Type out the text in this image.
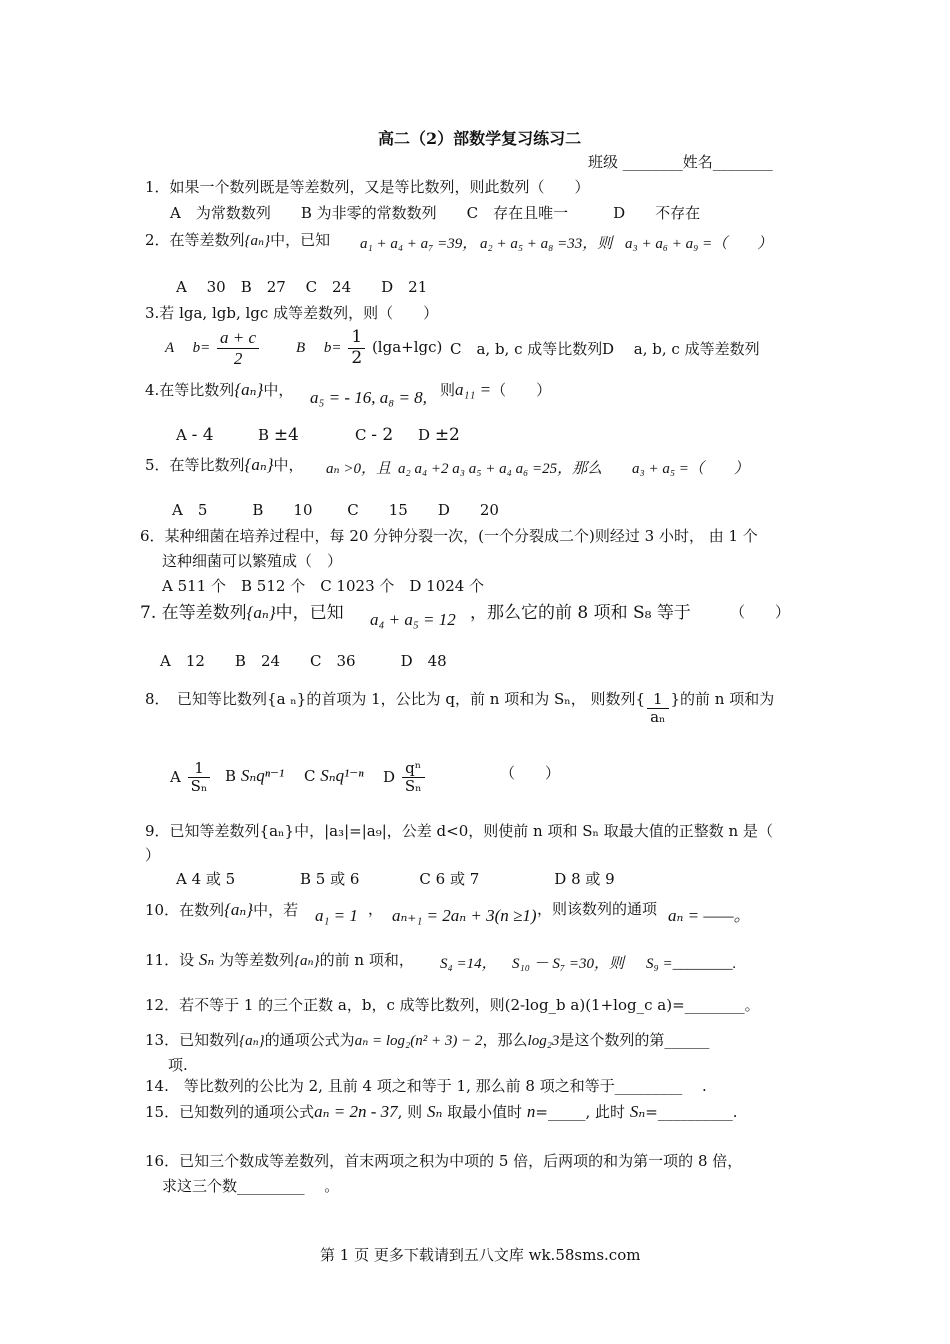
高二（2）部数学复习练习二
班级 ________姓名________
1．如果一个数列既是等差数列，又是等比数列，则此数列（　　）
A　为常数数列　　B 为非零的常数数列　　C　存在且唯一　　　D　　不存在
2．在等差数列{aₙ}中，已知 a₁ + a₄ + a₇ =39， a₂ + a₅ + a₈ =33，则 a₃ + a₆ + a₉ =（　　）
A　 30　B　27　 C　24　　D　21
3.若 lga, lgb, lgc 成等差数列，则（　　）
A　 $b= \frac{a + c}{2}$ B　 $b= \frac{1}{2} (\lg a+\lg c)$ C　a, b, c 成等比数列 D　 a, b, c 成等差数列
4.在等比数列{aₙ}中， a₅ = - 16, a₈ = 8, 则a₁₁ =（　　）
A - 4	B ±4	C - 2 D ±2
5．在等比数列{aₙ}中， aₙ >0，且 a₂ a₄ +2 a₃ a₅ + a₄ a₆ =25，那么 a₃ + a₅ =（　　）
A　5　　　B　　10　　 C　　15　　D　　20
6．某种细菌在培养过程中，每 20 分钟分裂一次，(一个分裂成二个)则经过 3 小时， 由 1 个
这种细菌可以繁殖成（　）
A 511 个　B 512 个　C 1023 个　D 1024 个
7. 在等差数列{aₙ}中，已知 a₄ + a₅ = 12 ，那么它的前 8 项和 S₈ 等于	（　　）
A　12　　B　24　　C　36　　　D　48
8．　已知等比数列{a ₙ}的首项为 1，公比为 q，前 n 项和为 Sₙ， 则数列{ $\frac{1}{\text{aₙ}}$ }的前 n 项和为
A $\frac{1}{\text{Sₙ}}$ B Sₙqⁿ⁻¹ C Sₙq¹⁻ⁿ D $\frac{\text{qⁿ}}{\text{Sₙ}}$	（　　）
9．已知等差数列{aₙ}中，|a₃|=|a₉|，公差 d<0，则使前 n 项和 Sₙ 取最大值的正整数 n 是（
）
A 4 或 5　　　　 B 5 或 6　　　　C 6 或 7　　　　　D 8 或 9
10．在数列{aₙ}中，若 a₁ = 1 ， aₙ₊₁ = 2aₙ + 3(n ≥1) ，则该数列的通项 aₙ = ——。
11．设 Sₙ 为等差数列{aₙ}的前 n 项和， S₄ =14， S₁₀ － S₇ =30，则 S₉ =________.
12．若不等于 1 的三个正数 a，b，c 成等比数列，则(2-log_b a)(1+log_c a)=________。
13．已知数列{aₙ}的通项公式为aₙ = log₂(n² + 3) − 2，那么log₂3是这个数列的第______
项.
14.　等比数列的公比为 2, 且前 4 项之和等于 1, 那么前 8 项之和等于_________　 .
15．已知数列的通项公式aₙ = 2n - 37, 则 Sₙ 取最小值时 n=_____, 此时 Sₙ=__________.
16．已知三个数成等差数列，首末两项之积为中项的 5 倍，后两项的和为第一项的 8 倍，
求这三个数_________　 。
第 1 页 更多下载请到五八文库 wk.58sms.com
